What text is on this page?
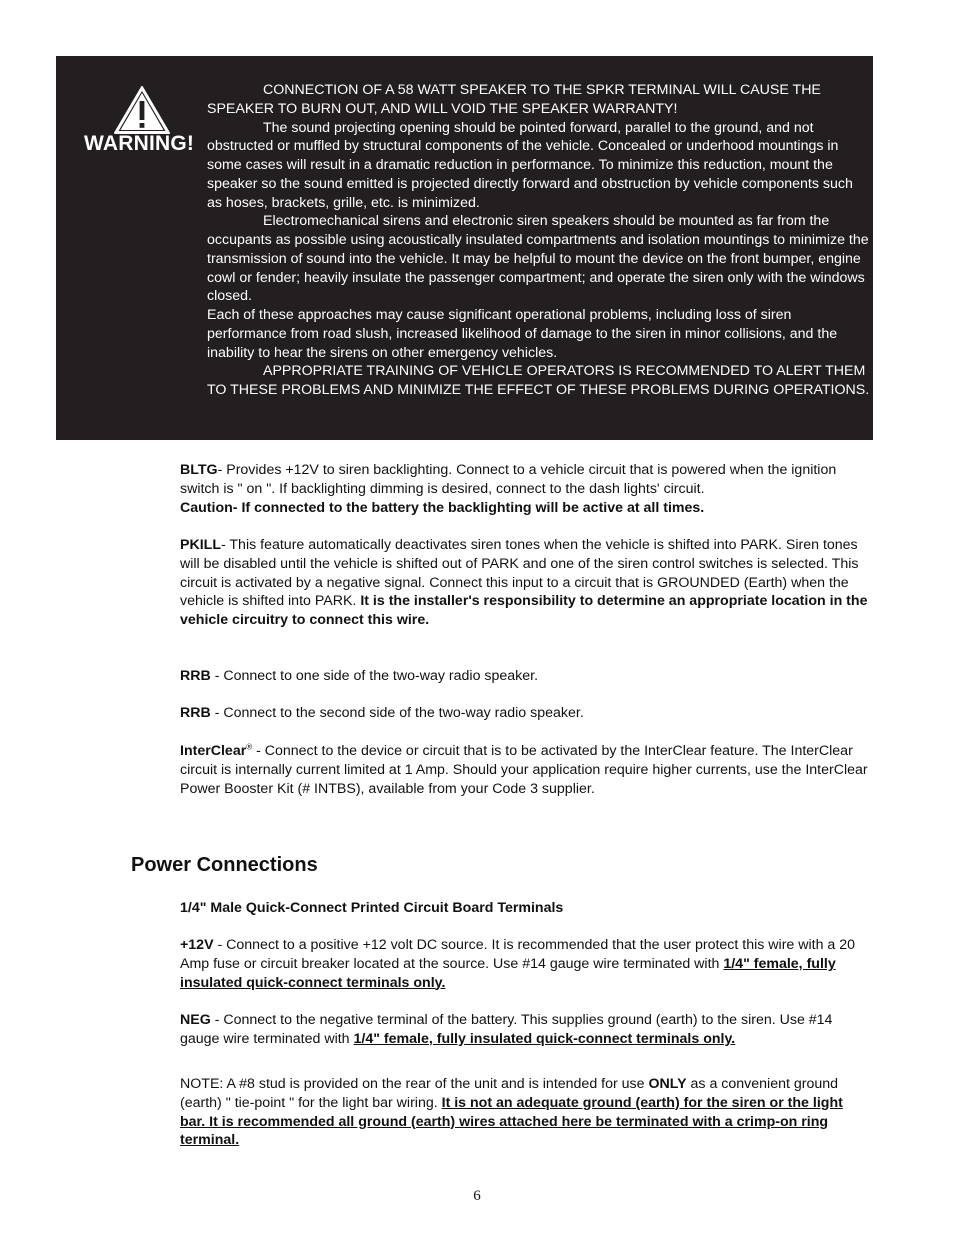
WARNING!

CONNECTION OF A 58 WATT SPEAKER TO THE SPKR TERMINAL WILL CAUSE THE SPEAKER TO BURN OUT, AND WILL VOID THE SPEAKER WARRANTY!

The sound projecting opening should be pointed forward, parallel to the ground, and not obstructed or muffled by structural components of the vehicle. Concealed or underhood mountings in some cases will result in a dramatic reduction in performance. To minimize this reduction, mount the speaker so the sound emitted is projected directly forward and obstruction by vehicle components such as hoses, brackets, grille, etc. is minimized.

Electromechanical sirens and electronic siren speakers should be mounted as far from the occupants as possible using acoustically insulated compartments and isolation mountings to minimize the transmission of sound into the vehicle. It may be helpful to mount the device on the front bumper, engine cowl or fender; heavily insulate the passenger compartment; and operate the siren only with the windows closed.

Each of these approaches may cause significant operational problems, including loss of siren performance from road slush, increased likelihood of damage to the siren in minor collisions, and the inability to hear the sirens on other emergency vehicles.

APPROPRIATE TRAINING OF VEHICLE OPERATORS IS RECOMMENDED TO ALERT THEM TO THESE PROBLEMS AND MINIMIZE THE EFFECT OF THESE PROBLEMS DURING OPERATIONS.

BLTG- Provides +12V to siren backlighting. Connect to a vehicle circuit that is powered when the ignition switch is " on ". If backlighting dimming is desired, connect to the dash lights' circuit.

Caution- If connected to the battery the backlighting will be active at all times.

PKILL- This feature automatically deactivates siren tones when the vehicle is shifted into PARK. Siren tones will be disabled until the vehicle is shifted out of PARK and one of the siren control switches is selected. This circuit is activated by a negative signal. Connect this input to a circuit that is GROUNDED (Earth) when the vehicle is shifted into PARK. It is the installer's responsibility to determine an appropriate location in the vehicle circuitry to connect this wire.

RRB - Connect to one side of the two-way radio speaker.

RRB - Connect to the second side of the two-way radio speaker.

InterClear® - Connect to the device or circuit that is to be activated by the InterClear feature. The InterClear circuit is internally current limited at 1 Amp. Should your application require higher currents, use the InterClear Power Booster Kit (# INTBS), available from your Code 3 supplier.

Power Connections

1/4" Male Quick-Connect Printed Circuit Board Terminals

+12V - Connect to a positive +12 volt DC source. It is recommended that the user protect this wire with a 20 Amp fuse or circuit breaker located at the source. Use #14 gauge wire terminated with 1/4" female, fully insulated quick-connect terminals only.

NEG - Connect to the negative terminal of the battery. This supplies ground (earth) to the siren. Use #14 gauge wire terminated with 1/4" female, fully insulated quick-connect terminals only.

NOTE: A #8 stud is provided on the rear of the unit and is intended for use ONLY as a convenient ground (earth) " tie-point " for the light bar wiring. It is not an adequate ground (earth) for the siren or the light bar. It is recommended all ground (earth) wires attached here be terminated with a crimp-on ring terminal.

6
